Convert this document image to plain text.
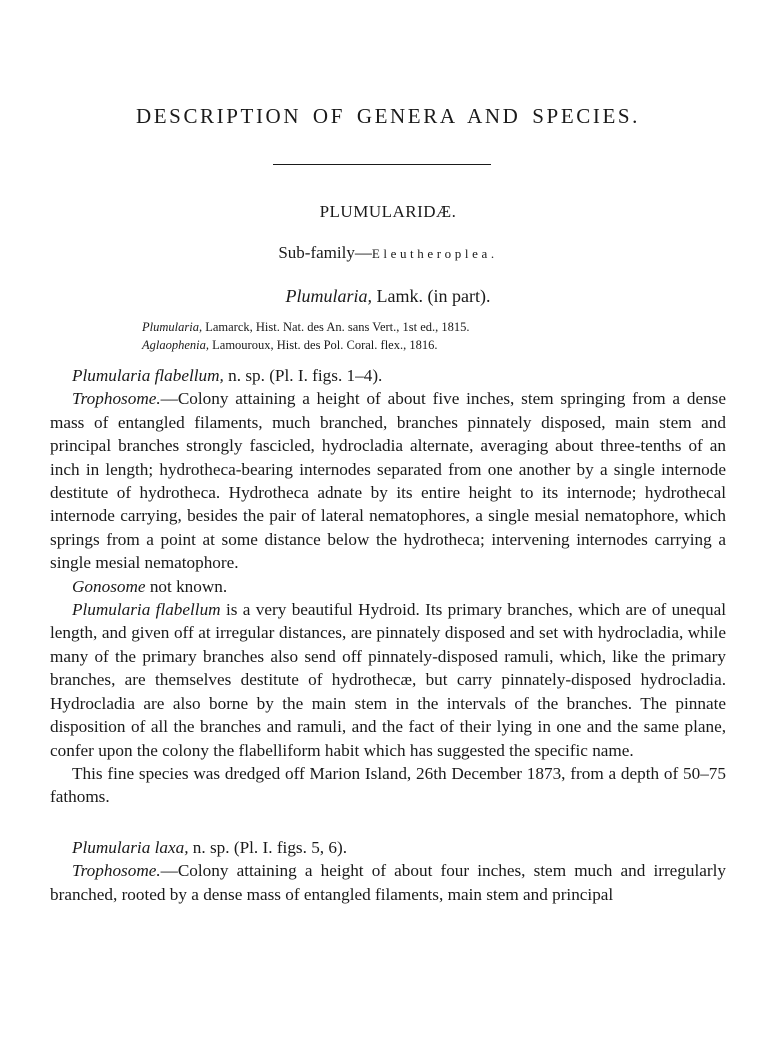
DESCRIPTION OF GENERA AND SPECIES.
PLUMULARIDÆ.
Sub-family—Eleutheroplea.
Plumularia, Lamk. (in part).
Plumularia, Lamarck, Hist. Nat. des An. sans Vert., 1st ed., 1815.
Aglaophenia, Lamouroux, Hist. des Pol. Coral. flex., 1816.

Plumularia flabellum, n. sp. (Pl. I. figs. 1–4).

Trophosome.—Colony attaining a height of about five inches, stem springing from a dense mass of entangled filaments, much branched, branches pinnately disposed, main stem and principal branches strongly fascicled, hydrocladia alternate, averaging about three-tenths of an inch in length; hydrotheca-bearing internodes separated from one another by a single internode destitute of hydrotheca. Hydrotheca adnate by its entire height to its internode; hydrothecal internode carrying, besides the pair of lateral nematophores, a single mesial nematophore, which springs from a point at some distance below the hydrotheca; intervening internodes carrying a single mesial nematophore.

Gonosome not known.

Plumularia flabellum is a very beautiful Hydroid. Its primary branches, which are of unequal length, and given off at irregular distances, are pinnately disposed and set with hydrocladia, while many of the primary branches also send off pinnately-disposed ramuli, which, like the primary branches, are themselves destitute of hydrothecæ, but carry pinnately-disposed hydrocladia. Hydrocladia are also borne by the main stem in the intervals of the branches. The pinnate disposition of all the branches and ramuli, and the fact of their lying in one and the same plane, confer upon the colony the flabelliform habit which has suggested the specific name.

This fine species was dredged off Marion Island, 26th December 1873, from a depth of 50–75 fathoms.

Plumularia laxa, n. sp. (Pl. I. figs. 5, 6).

Trophosome.—Colony attaining a height of about four inches, stem much and irregularly branched, rooted by a dense mass of entangled filaments, main stem and principal
